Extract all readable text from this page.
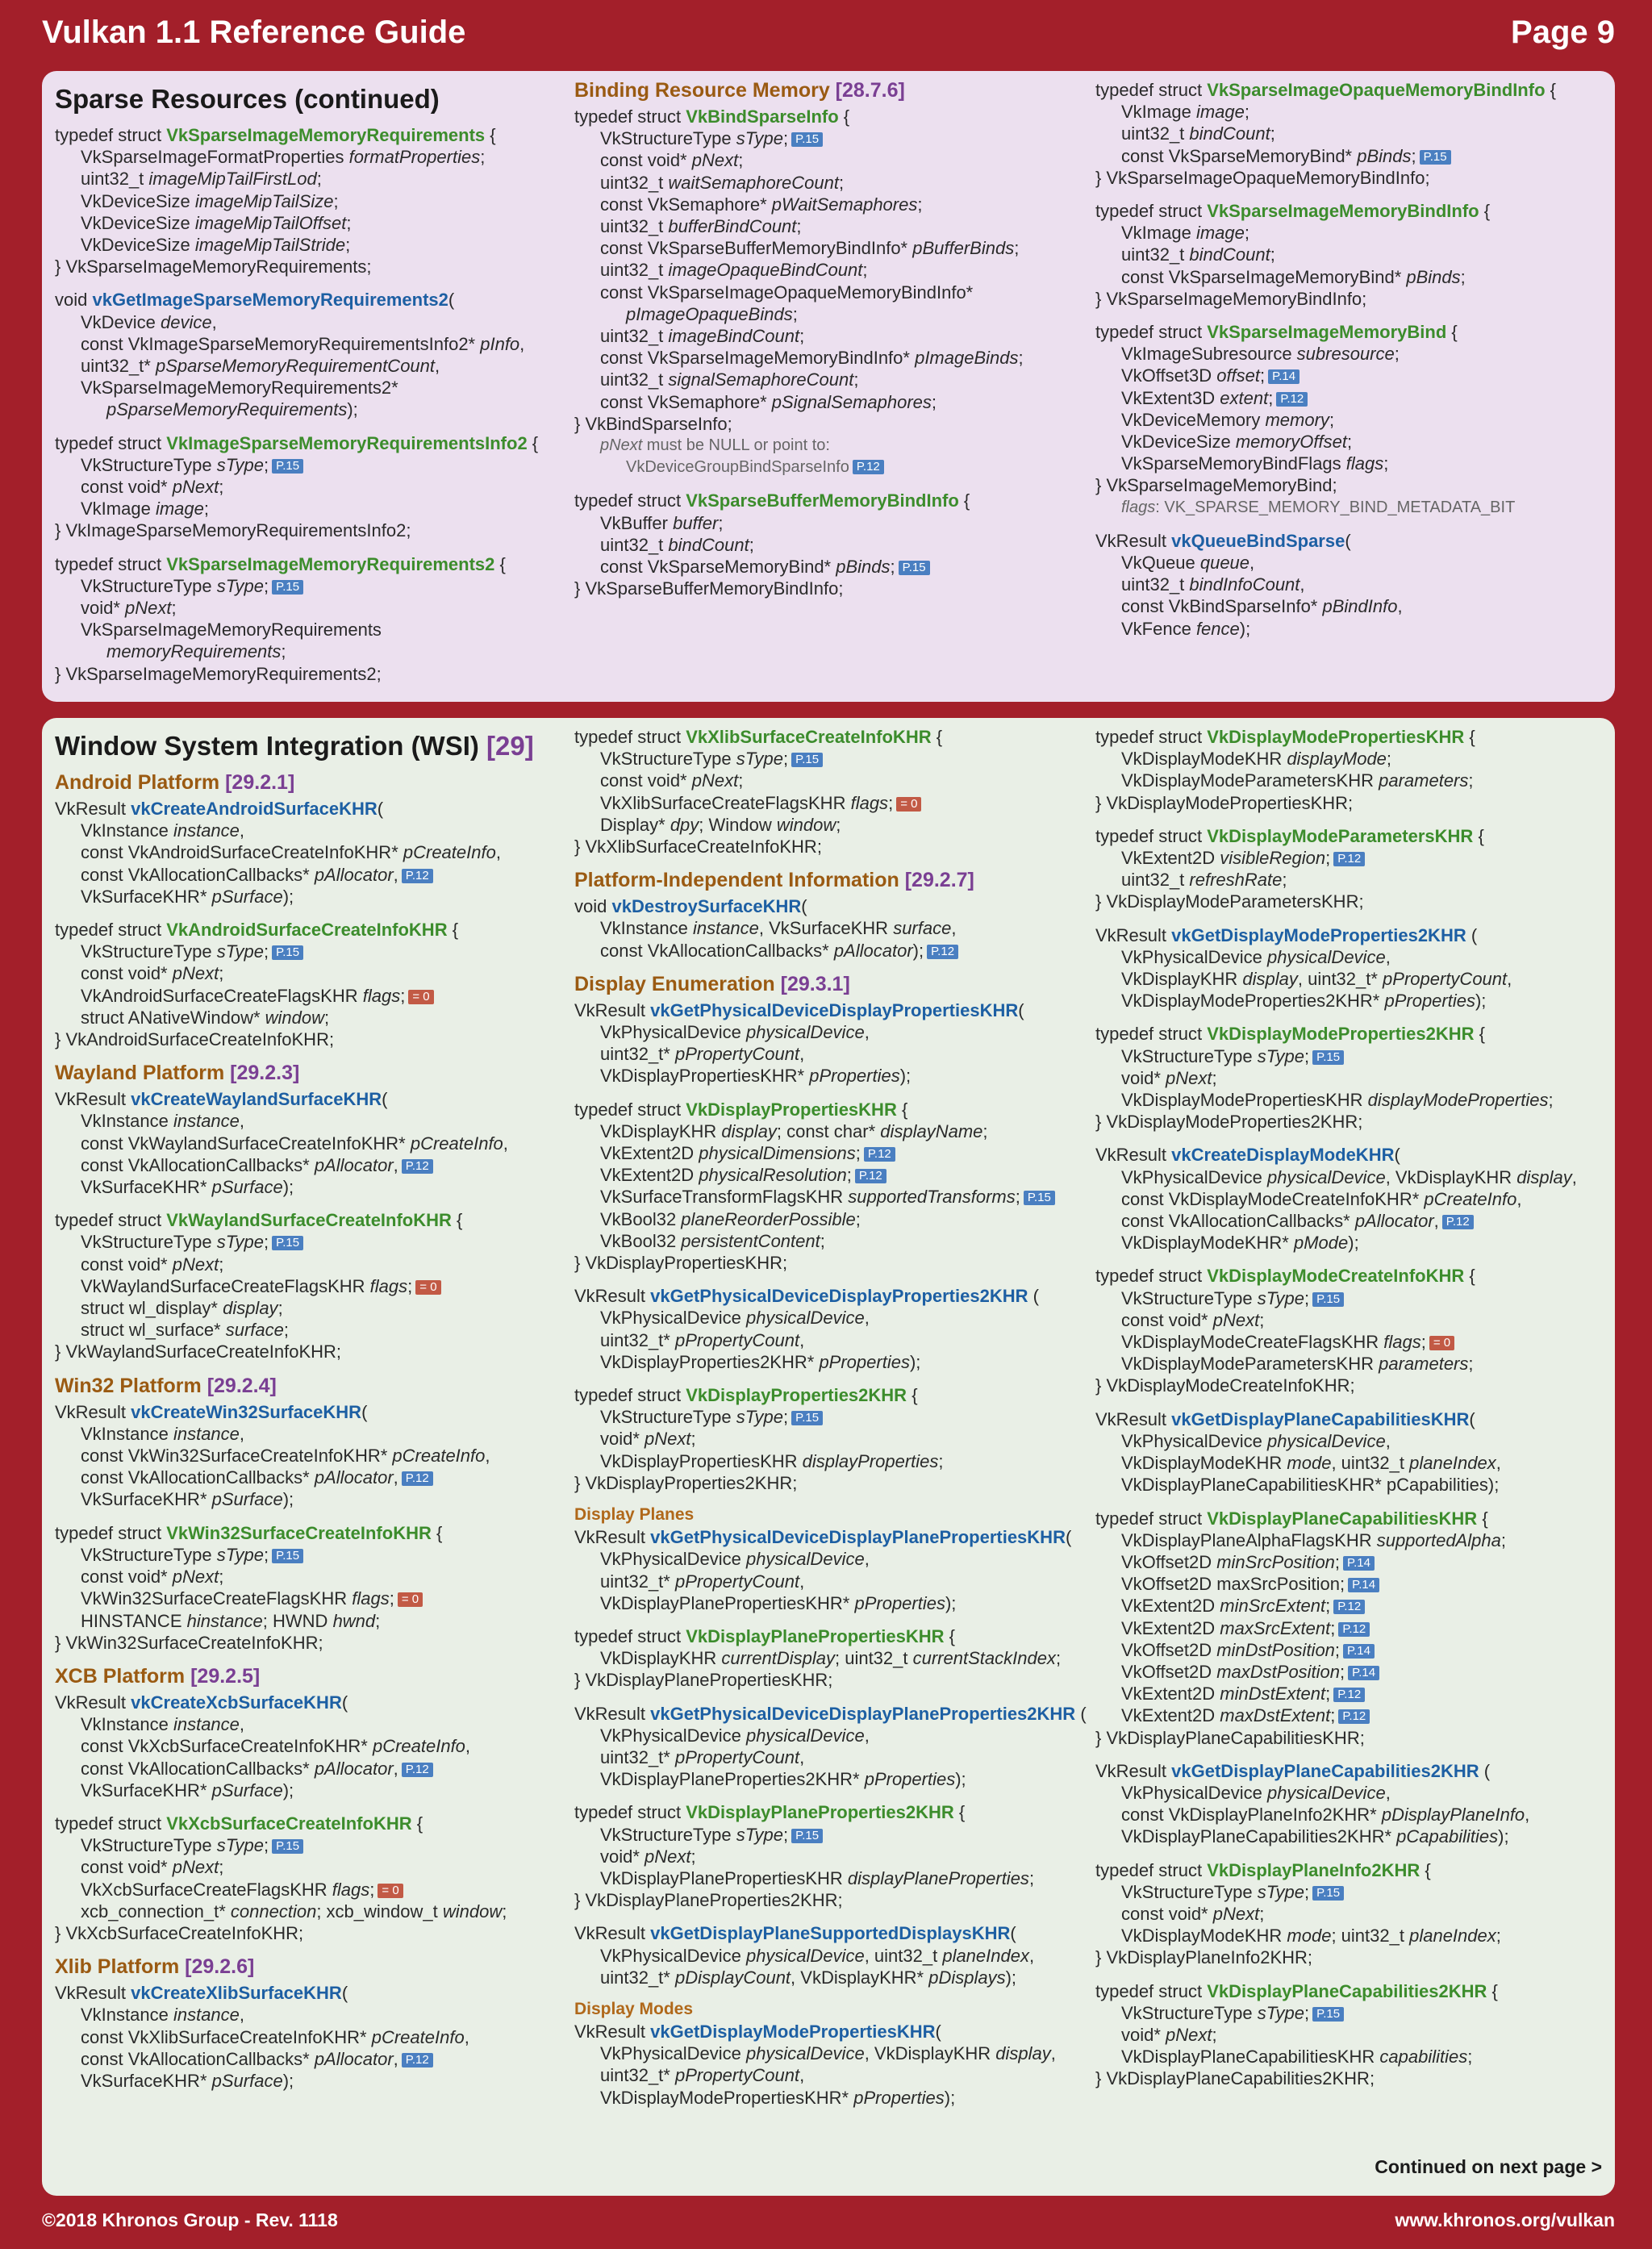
Vulkan 1.1 Reference Guide	Page 9
Sparse Resources (continued)
typedef struct VkSparseImageMemoryRequirements {
VkSparseImageFormatProperties formatProperties;
uint32_t imageMipTailFirstLod;
VkDeviceSize imageMipTailSize;
VkDeviceSize imageMipTailOffset;
VkDeviceSize imageMipTailStride;
} VkSparseImageMemoryRequirements;
void vkGetImageSparseMemoryRequirements2(
VkDevice device,
const VkImageSparseMemoryRequirementsInfo2* pInfo,
uint32_t* pSparseMemoryRequirementCount,
VkSparseImageMemoryRequirements2*
pSparseMemoryRequirements);
typedef struct VkImageSparseMemoryRequirementsInfo2 {
VkStructureType sType; P.15
const void* pNext;
VkImage image;
} VkImageSparseMemoryRequirementsInfo2;
typedef struct VkSparseImageMemoryRequirements2 {
VkStructureType sType; P.15
void* pNext;
VkSparseImageMemoryRequirements
memoryRequirements;
} VkSparseImageMemoryRequirements2;
Binding Resource Memory [28.7.6]
typedef struct VkBindSparseInfo {
VkStructureType sType; P.15
const void* pNext;
uint32_t waitSemaphoreCount;
const VkSemaphore* pWaitSemaphores;
uint32_t bufferBindCount;
const VkSparseBufferMemoryBindInfo* pBufferBinds;
uint32_t imageOpaqueBindCount;
const VkSparseImageOpaqueMemoryBindInfo*
pImageOpaqueBinds;
uint32_t imageBindCount;
const VkSparseImageMemoryBindInfo* pImageBinds;
uint32_t signalSemaphoreCount;
const VkSemaphore* pSignalSemaphores;
} VkBindSparseInfo;
pNext must be NULL or point to:
VkDeviceGroupBindSparseInfo P.12
typedef struct VkSparseBufferMemoryBindInfo {
VkBuffer buffer;
uint32_t bindCount;
const VkSparseMemoryBind* pBinds; P.15
} VkSparseBufferMemoryBindInfo;
typedef struct VkSparseImageOpaqueMemoryBindInfo {
VkImage image;
uint32_t bindCount;
const VkSparseMemoryBind* pBinds; P.15
} VkSparseImageOpaqueMemoryBindInfo;
typedef struct VkSparseImageMemoryBindInfo {
VkImage image;
uint32_t bindCount;
const VkSparseImageMemoryBind* pBinds;
} VkSparseImageMemoryBindInfo;
typedef struct VkSparseImageMemoryBind {
VkImageSubresource subresource;
VkOffset3D offset; P.14
VkExtent3D extent; P.12
VkDeviceMemory memory;
VkDeviceSize memoryOffset;
VkSparseMemoryBindFlags flags;
} VkSparseImageMemoryBind;
flags: VK_SPARSE_MEMORY_BIND_METADATA_BIT
VkResult vkQueueBindSparse(
VkQueue queue,
uint32_t bindInfoCount,
const VkBindSparseInfo* pBindInfo,
VkFence fence);
Window System Integration (WSI) [29]
Android Platform [29.2.1]
VkResult vkCreateAndroidSurfaceKHR(
VkInstance instance,
const VkAndroidSurfaceCreateInfoKHR* pCreateInfo,
const VkAllocationCallbacks* pAllocator, P.12
VkSurfaceKHR* pSurface);
typedef struct VkAndroidSurfaceCreateInfoKHR {
VkStructureType sType; P.15
const void* pNext;
VkAndroidSurfaceCreateFlagsKHR flags; = 0
struct ANativeWindow* window;
} VkAndroidSurfaceCreateInfoKHR;
Wayland Platform [29.2.3]
VkResult vkCreateWaylandSurfaceKHR(
VkInstance instance,
const VkWaylandSurfaceCreateInfoKHR* pCreateInfo,
const VkAllocationCallbacks* pAllocator, P.12
VkSurfaceKHR* pSurface);
typedef struct VkWaylandSurfaceCreateInfoKHR {
VkStructureType sType; P.15
const void* pNext;
VkWaylandSurfaceCreateFlagsKHR flags; = 0
struct wl_display* display;
struct wl_surface* surface;
} VkWaylandSurfaceCreateInfoKHR;
Win32 Platform [29.2.4]
VkResult vkCreateWin32SurfaceKHR(
VkInstance instance,
const VkWin32SurfaceCreateInfoKHR* pCreateInfo,
const VkAllocationCallbacks* pAllocator, P.12
VkSurfaceKHR* pSurface);
typedef struct VkWin32SurfaceCreateInfoKHR {
VkStructureType sType; P.15
const void* pNext;
VkWin32SurfaceCreateFlagsKHR flags; = 0
HINSTANCE hinstance; HWND hwnd;
} VkWin32SurfaceCreateInfoKHR;
XCB Platform [29.2.5]
VkResult vkCreateXcbSurfaceKHR(
VkInstance instance,
const VkXcbSurfaceCreateInfoKHR* pCreateInfo,
const VkAllocationCallbacks* pAllocator, P.12
VkSurfaceKHR* pSurface);
typedef struct VkXcbSurfaceCreateInfoKHR {
VkStructureType sType; P.15
const void* pNext;
VkXcbSurfaceCreateFlagsKHR flags; = 0
xcb_connection_t* connection; xcb_window_t window;
} VkXcbSurfaceCreateInfoKHR;
Xlib Platform [29.2.6]
VkResult vkCreateXlibSurfaceKHR(
VkInstance instance,
const VkXlibSurfaceCreateInfoKHR* pCreateInfo,
const VkAllocationCallbacks* pAllocator, P.12
VkSurfaceKHR* pSurface);
typedef struct VkXlibSurfaceCreateInfoKHR {
VkStructureType sType; P.15
const void* pNext;
VkXlibSurfaceCreateFlagsKHR flags; = 0
Display* dpy; Window window;
} VkXlibSurfaceCreateInfoKHR;
Platform-Independent Information [29.2.7]
void vkDestroySurfaceKHR(
VkInstance instance, VkSurfaceKHR surface,
const VkAllocationCallbacks* pAllocator); P.12
Display Enumeration [29.3.1]
VkResult vkGetPhysicalDeviceDisplayPropertiesKHR(
VkPhysicalDevice physicalDevice,
uint32_t* pPropertyCount,
VkDisplayPropertiesKHR* pProperties);
typedef struct VkDisplayPropertiesKHR {
VkDisplayKHR display; const char* displayName;
VkExtent2D physicalDimensions; P.12
VkExtent2D physicalResolution; P.12
VkSurfaceTransformFlagsKHR supportedTransforms; P.15
VkBool32 planeReorderPossible;
VkBool32 persistentContent;
} VkDisplayPropertiesKHR;
VkResult vkGetPhysicalDeviceDisplayProperties2KHR (
VkPhysicalDevice physicalDevice,
uint32_t* pPropertyCount,
VkDisplayProperties2KHR* pProperties);
typedef struct VkDisplayProperties2KHR {
VkStructureType sType; P.15
void* pNext;
VkDisplayPropertiesKHR displayProperties;
} VkDisplayProperties2KHR;
Display Planes
VkResult vkGetPhysicalDeviceDisplayPlanePropertiesKHR(
VkPhysicalDevice physicalDevice,
uint32_t* pPropertyCount,
VkDisplayPlanePropertiesKHR* pProperties);
typedef struct VkDisplayPlanePropertiesKHR {
VkDisplayKHR currentDisplay; uint32_t currentStackIndex;
} VkDisplayPlanePropertiesKHR;
VkResult vkGetPhysicalDeviceDisplayPlaneProperties2KHR (
VkPhysicalDevice physicalDevice,
uint32_t* pPropertyCount,
VkDisplayPlaneProperties2KHR* pProperties);
typedef struct VkDisplayPlaneProperties2KHR {
VkStructureType sType; P.15
void* pNext;
VkDisplayPlanePropertiesKHR displayPlaneProperties;
} VkDisplayPlaneProperties2KHR;
VkResult vkGetDisplayPlaneSupportedDisplaysKHR(
VkPhysicalDevice physicalDevice, uint32_t planeIndex,
uint32_t* pDisplayCount, VkDisplayKHR* pDisplays);
Display Modes
VkResult vkGetDisplayModePropertiesKHR(
VkPhysicalDevice physicalDevice, VkDisplayKHR display,
uint32_t* pPropertyCount,
VkDisplayModePropertiesKHR* pProperties);
typedef struct VkDisplayModePropertiesKHR {
VkDisplayModeKHR displayMode;
VkDisplayModeParametersKHR parameters;
} VkDisplayModePropertiesKHR;
typedef struct VkDisplayModeParametersKHR {
VkExtent2D visibleRegion; P.12
uint32_t refreshRate;
} VkDisplayModeParametersKHR;
VkResult vkGetDisplayModeProperties2KHR (
VkPhysicalDevice physicalDevice,
VkDisplayKHR display, uint32_t* pPropertyCount,
VkDisplayModeProperties2KHR* pProperties);
typedef struct VkDisplayModeProperties2KHR {
VkStructureType sType; P.15
void* pNext;
VkDisplayModePropertiesKHR displayModeProperties;
} VkDisplayModeProperties2KHR;
VkResult vkCreateDisplayModeKHR(
VkPhysicalDevice physicalDevice, VkDisplayKHR display,
const VkDisplayModeCreateInfoKHR* pCreateInfo,
const VkAllocationCallbacks* pAllocator, P.12
VkDisplayModeKHR* pMode);
typedef struct VkDisplayModeCreateInfoKHR {
VkStructureType sType; P.15
const void* pNext;
VkDisplayModeCreateFlagsKHR flags; = 0
VkDisplayModeParametersKHR parameters;
} VkDisplayModeCreateInfoKHR;
VkResult vkGetDisplayPlaneCapabilitiesKHR(
VkPhysicalDevice physicalDevice,
VkDisplayModeKHR mode, uint32_t planeIndex,
VkDisplayPlaneCapabilitiesKHR* pCapabilities);
typedef struct VkDisplayPlaneCapabilitiesKHR {
VkDisplayPlaneAlphaFlagsKHR supportedAlpha;
VkOffset2D minSrcPosition; P.14
VkOffset2D maxSrcPosition; P.14
VkExtent2D minSrcExtent; P.12
VkExtent2D maxSrcExtent; P.12
VkOffset2D minDstPosition; P.14
VkOffset2D maxDstPosition; P.14
VkExtent2D minDstExtent; P.12
VkExtent2D maxDstExtent; P.12
} VkDisplayPlaneCapabilitiesKHR;
VkResult vkGetDisplayPlaneCapabilities2KHR (
VkPhysicalDevice physicalDevice,
const VkDisplayPlaneInfo2KHR* pDisplayPlaneInfo,
VkDisplayPlaneCapabilities2KHR* pCapabilities);
typedef struct VkDisplayPlaneInfo2KHR {
VkStructureType sType; P.15
const void* pNext;
VkDisplayModeKHR mode; uint32_t planeIndex;
} VkDisplayPlaneInfo2KHR;
typedef struct VkDisplayPlaneCapabilities2KHR {
VkStructureType sType; P.15
void* pNext;
VkDisplayPlaneCapabilitiesKHR capabilities;
} VkDisplayPlaneCapabilities2KHR;
Continued on next page >
©2018 Khronos Group - Rev. 1118	www.khronos.org/vulkan
